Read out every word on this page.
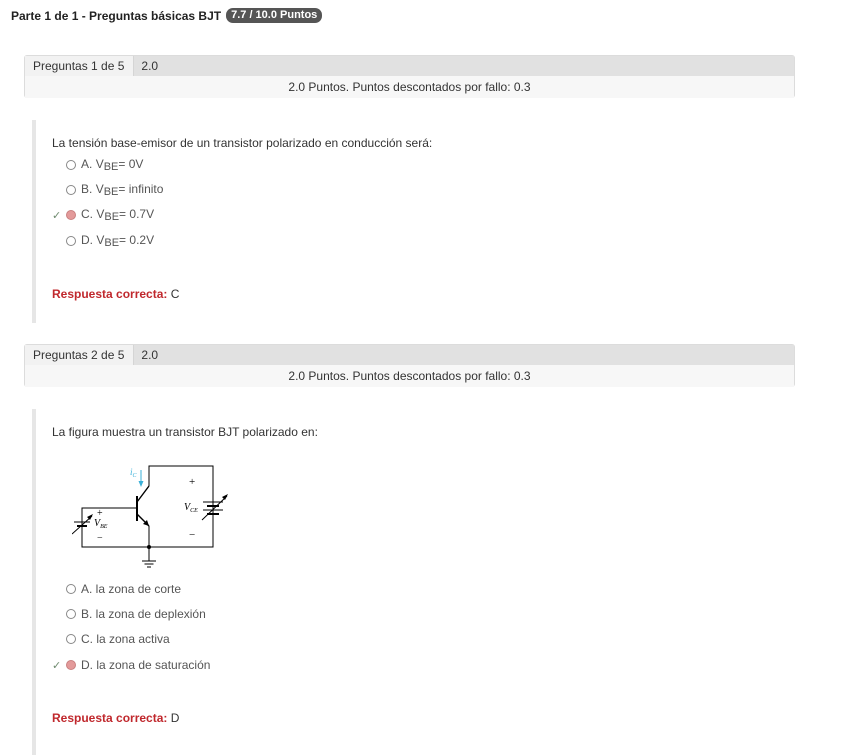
Parte 1 de 1 - Preguntas básicas BJT 7.7 / 10.0 Puntos
Preguntas 1 de 5	2.0
2.0 Puntos. Puntos descontados por fallo: 0.3
La tensión base-emisor de un transistor polarizado en conducción será:
A. $V_{BE}= 0V$
B. $V_{BE}=$ infinito
✓	C. $V_{BE}= 0.7V$
D. $V_{BE}= 0.2V$
Respuesta correcta: C
Preguntas 2 de 5	2.0
2.0 Puntos. Puntos descontados por fallo: 0.3
La figura muestra un transistor BJT polarizado en:
$i_C$
$V_{CE}$
+
−
$V_{BE}$
+
−
A. la zona de corte
B. la zona de deplexión
C. la zona activa
✓	D. la zona de saturación
Respuesta correcta: D
